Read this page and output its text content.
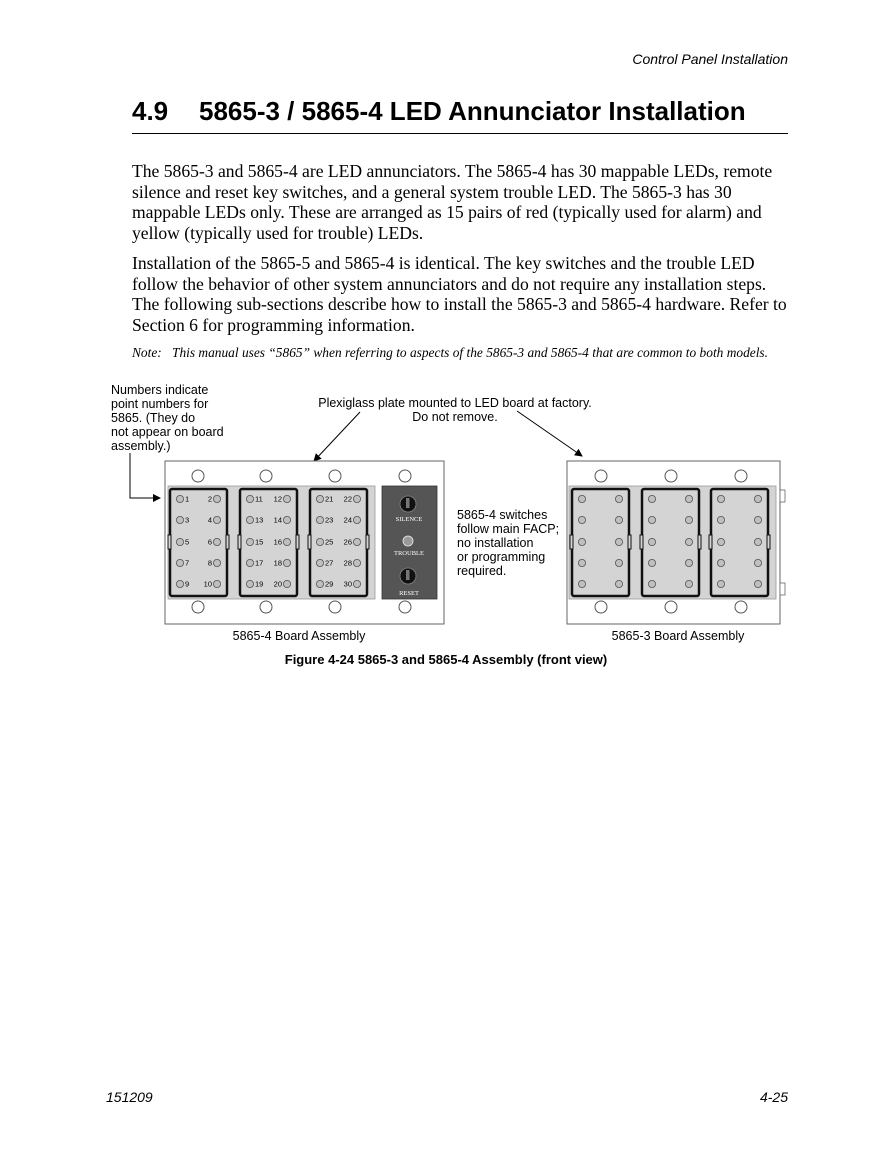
Control Panel Installation
4.9 5865-3 / 5865-4 LED Annunciator Installation

The 5865-3 and 5865-4 are LED annunciators. The 5865-4 has 30 mappable LEDs, remote silence and reset key switches, and a general system trouble LED. The 5865-3 has 30 mappable LEDs only. These are arranged as 15 pairs of red (typically used for alarm) and yellow (typically used for trouble) LEDs.

Installation of the 5865-5 and 5865-4 is identical. The key switches and the trouble LED follow the behavior of other system annunciators and do not require any installation steps. The following sub-sections describe how to install the 5865-3 and 5865-4 hardware. Refer to Section 6 for programming information.

Note: This manual uses “5865” when referring to aspects of the 5865-3 and 5865-4 that are common to both models.
Numbers indicate
point numbers for
5865. (They do
not appear on board
assembly.)
Plexiglass plate mounted to LED board at factory.
Do not remove.
1 2
3 4
5 6
7 8
9 10
11 12
13 14
15 16
17 18
19 20
21 22
23 24
25 26
27 28
29 30
SILENCE
TROUBLE
RESET
5865-4 Board Assembly
5865-4 switches
follow main FACP;
no installation
or programming
required.
5865-3 Board Assembly
Figure 4-24 5865-3 and 5865-4 Assembly (front view)
151209	4-25
